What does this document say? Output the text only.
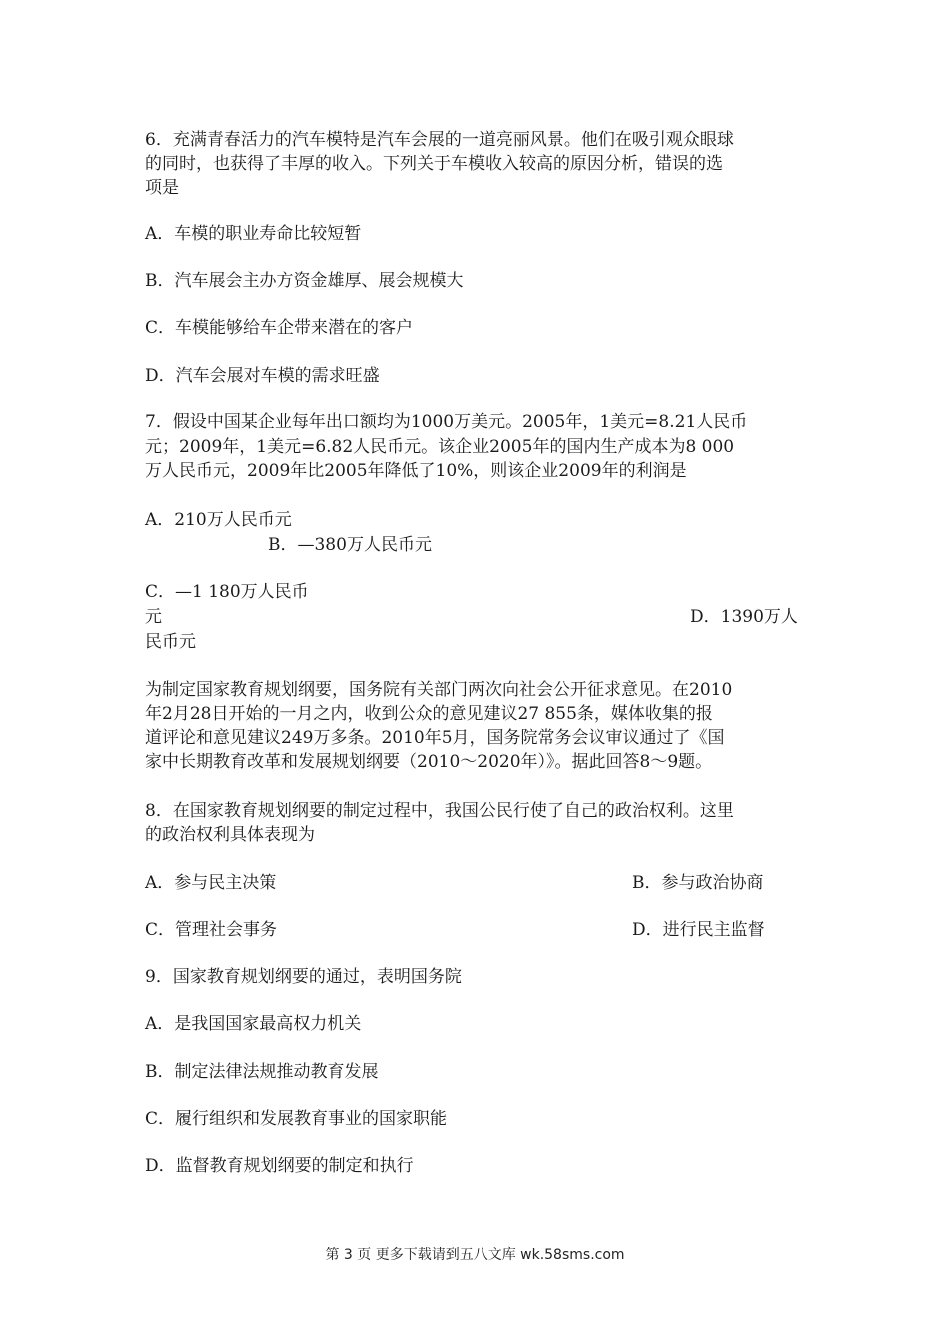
6．充满青春活力的汽车模特是汽车会展的一道亮丽风景。他们在吸引观众眼球
的同时，也获得了丰厚的收入。下列关于车模收入较高的原因分析，错误的选
项是
A．车模的职业寿命比较短暂
B．汽车展会主办方资金雄厚、展会规模大
C．车模能够给车企带来潜在的客户
D．汽车会展对车模的需求旺盛
7．假设中国某企业每年出口额均为1000万美元。2005年，1美元=8.21人民币
元；2009年，1美元=6.82人民币元。该企业2005年的国内生产成本为8 000
万人民币元，2009年比2005年降低了10%，则该企业2009年的利润是
A．210万人民币元
B．—380万人民币元
C．—1 180万人民币
元	D．1390万人
民币元
为制定国家教育规划纲要，国务院有关部门两次向社会公开征求意见。在2010
年2月28日开始的一月之内，收到公众的意见建议27 855条，媒体收集的报
道评论和意见建议249万多条。2010年5月，国务院常务会议审议通过了《国
家中长期教育改革和发展规划纲要（2010～2020年）》。据此回答8～9题。
8．在国家教育规划纲要的制定过程中，我国公民行使了自己的政治权利。这里
的政治权利具体表现为
A．参与民主决策	B．参与政治协商
C．管理社会事务	D．进行民主监督
9．国家教育规划纲要的通过，表明国务院
A．是我国国家最高权力机关
B．制定法律法规推动教育发展
C．履行组织和发展教育事业的国家职能
D．监督教育规划纲要的制定和执行
第 3 页 更多下载请到五八文库 wk.58sms.com
